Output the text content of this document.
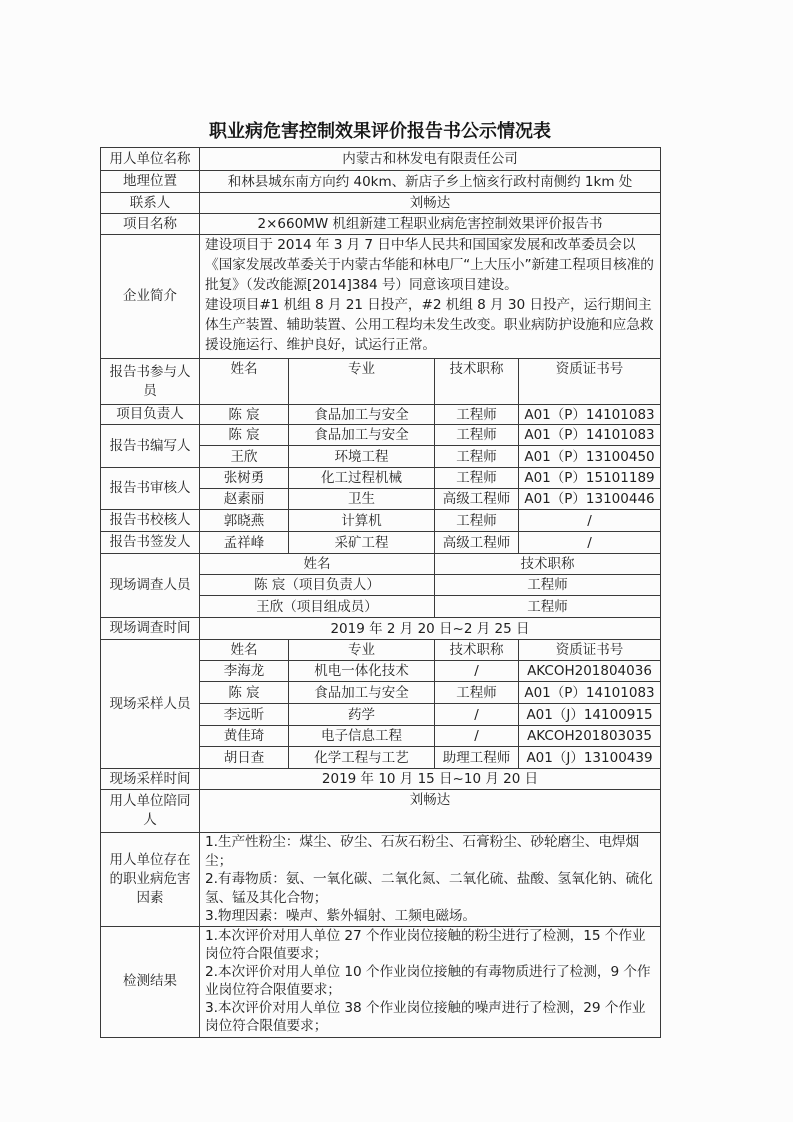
职业病危害控制效果评价报告书公示情况表
用人单位名称	内蒙古和林发电有限责任公司			
地理位置	和林县城东南方向约 40km、新店子乡上恼亥行政村南侧约 1km 处			
联系人	刘畅达			
项目名称	2×660MW 机组新建工程职业病危害控制效果评价报告书			
企业简介	建设项目于 2014 年 3 月 7 日中华人民共和国国家发展和改革委员会以《国家发展改革委关于内蒙古华能和林电厂“上大压小”新建工程项目核准的批复》（发改能源[2014]384 号）同意该项目建设。

建设项目#1 机组 8 月 21 日投产，#2 机组 8 月 30 日投产，运行期间主体生产装置、辅助装置、公用工程均未发生改变。职业病防护设施和应急救援设施运行、维护良好，试运行正常。			

报告书参与人员	姓名	专业	技术职称	资质证书号
项目负责人	陈 宸	食品加工与安全	工程师	A01（P）14101083
报告书编写人	陈 宸	食品加工与安全	工程师	A01（P）14101083
	王欣	环境工程	工程师	A01（P）13100450
报告书审核人	张树勇	化工过程机械	工程师	A01（P）15101189
	赵素丽	卫生	高级工程师	A01（P）13100446
报告书校核人	郭晓燕	计算机	工程师	/
报告书签发人	孟祥峰	采矿工程	高级工程师	/
现场调查人员	姓名		技术职称	
	陈 宸（项目负责人）		工程师	
	王欣（项目组成员）		工程师	
现场调查时间	2019 年 2 月 20 日~2 月 25 日			
现场采样人员	姓名	专业	技术职称	资质证书号
	李海龙	机电一体化技术	/	AKCOH201804036
	陈 宸	食品加工与安全	工程师	A01（P）14101083
	李远昕	药学	/	A01（J）14100915
	黄佳琦	电子信息工程	/	AKCOH201803035
	胡日查	化学工程与工艺	助理工程师	A01（J）13100439
现场采样时间	2019 年 10 月 15 日~10 月 20 日			
用人单位陪同人	刘畅达			
用人单位存在的职业病危害因素	1.生产性粉尘：煤尘、矽尘、石灰石粉尘、石膏粉尘、砂轮磨尘、电焊烟尘；

2.有毒物质：氨、一氧化碳、二氧化氮、二氧化硫、盐酸、氢氧化钠、硫化氢、锰及其化合物；

3.物理因素：噪声、紫外辐射、工频电磁场。			

检测结果	1.本次评价对用人单位 27 个作业岗位接触的粉尘进行了检测，15 个作业岗位符合限值要求；

2.本次评价对用人单位 10 个作业岗位接触的有毒物质进行了检测，9 个作业岗位符合限值要求；

3.本次评价对用人单位 38 个作业岗位接触的噪声进行了检测，29 个作业岗位符合限值要求；			
